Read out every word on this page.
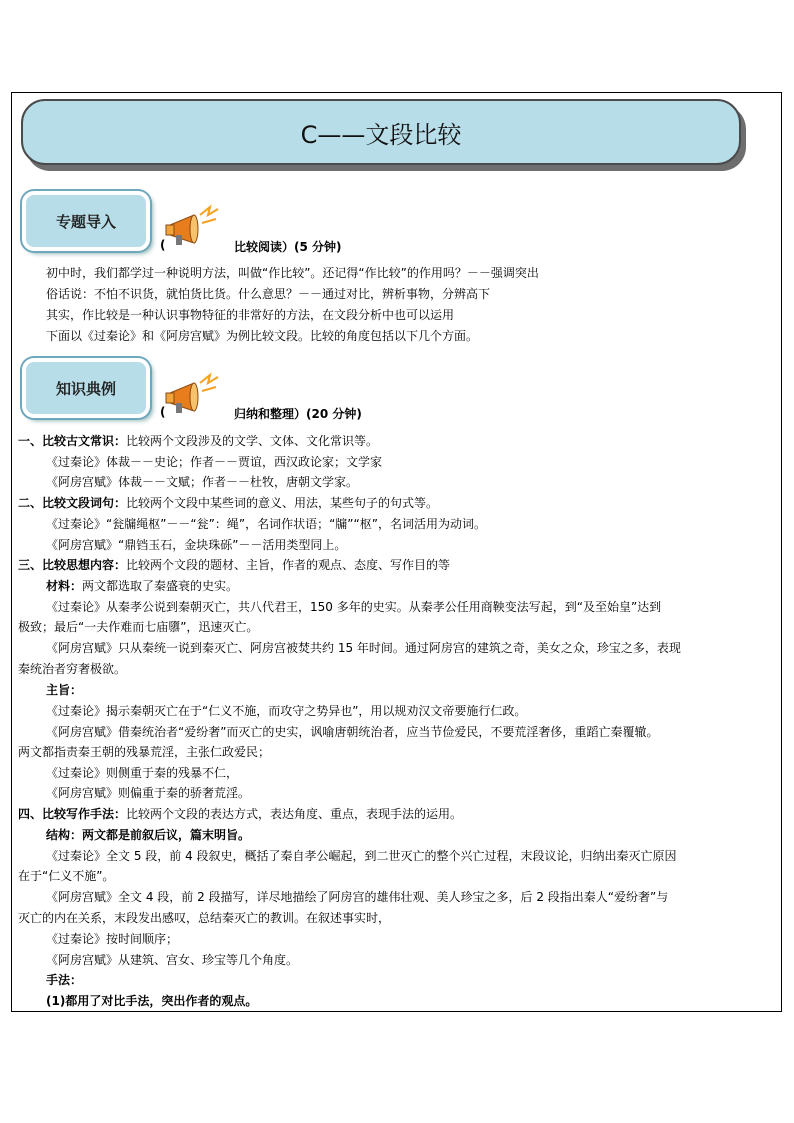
C——文段比较
专题导入
(	比较阅读）(5 分钟)
初中时，我们都学过一种说明方法，叫做“作比较”。还记得“作比较”的作用吗？－－强调突出
俗话说：不怕不识货，就怕货比货。什么意思？－－通过对比，辨析事物，分辨高下
其实，作比较是一种认识事物特征的非常好的方法，在文段分析中也可以运用
下面以《过秦论》和《阿房宫赋》为例比较文段。比较的角度包括以下几个方面。
知识典例
(	归纳和整理）(20 分钟)
一、比较古文常识：比较两个文段涉及的文学、文体、文化常识等。
《过秦论》体裁－－史论；作者－－贾谊，西汉政论家；文学家
《阿房宫赋》体裁－－文赋；作者－－杜牧，唐朝文学家。
二、比较文段词句：比较两个文段中某些词的意义、用法，某些句子的句式等。
《过秦论》“瓮牖绳枢”－－“瓮”：绳”，名词作状语；“牖”“枢”，名词活用为动词。
《阿房宫赋》“鼎铛玉石，金块珠砾”－－活用类型同上。
三、比较思想内容：比较两个文段的题材、主旨，作者的观点、态度、写作目的等
材料：两文都选取了秦盛衰的史实。
《过秦论》从秦孝公说到秦朝灭亡，共八代君王，150 多年的史实。从秦孝公任用商鞅变法写起，到“及至始皇”达到
极致；最后“一夫作难而七庙隳”，迅速灭亡。
《阿房宫赋》只从秦统一说到秦灭亡、阿房宫被焚共约 15 年时间。通过阿房宫的建筑之奇，美女之众，珍宝之多，表现
秦统治者穷奢极欲。
主旨：
《过秦论》揭示秦朝灭亡在于“仁义不施，而攻守之势异也”，用以规劝汉文帝要施行仁政。
《阿房宫赋》借秦统治者“爱纷奢”而灭亡的史实，讽喻唐朝统治者，应当节俭爱民，不要荒淫奢侈，重蹈亡秦覆辙。
两文都指责秦王朝的残暴荒淫，主张仁政爱民；
《过秦论》则侧重于秦的残暴不仁，
《阿房宫赋》则偏重于秦的骄奢荒淫。
四、比较写作手法：比较两个文段的表达方式，表达角度、重点，表现手法的运用。
结构：两文都是前叙后议，篇末明旨。
《过秦论》全文 5 段，前 4 段叙史，概括了秦自孝公崛起，到二世灭亡的整个兴亡过程，末段议论，归纳出秦灭亡原因
在于“仁义不施”。
《阿房宫赋》全文 4 段，前 2 段描写，详尽地描绘了阿房宫的雄伟壮观、美人珍宝之多，后 2 段指出秦人“爱纷奢”与
灭亡的内在关系，末段发出感叹，总结秦灭亡的教训。在叙述事实时，
《过秦论》按时间顺序；
《阿房宫赋》从建筑、宫女、珍宝等几个角度。
手法：
(1)都用了对比手法，突出作者的观点。
